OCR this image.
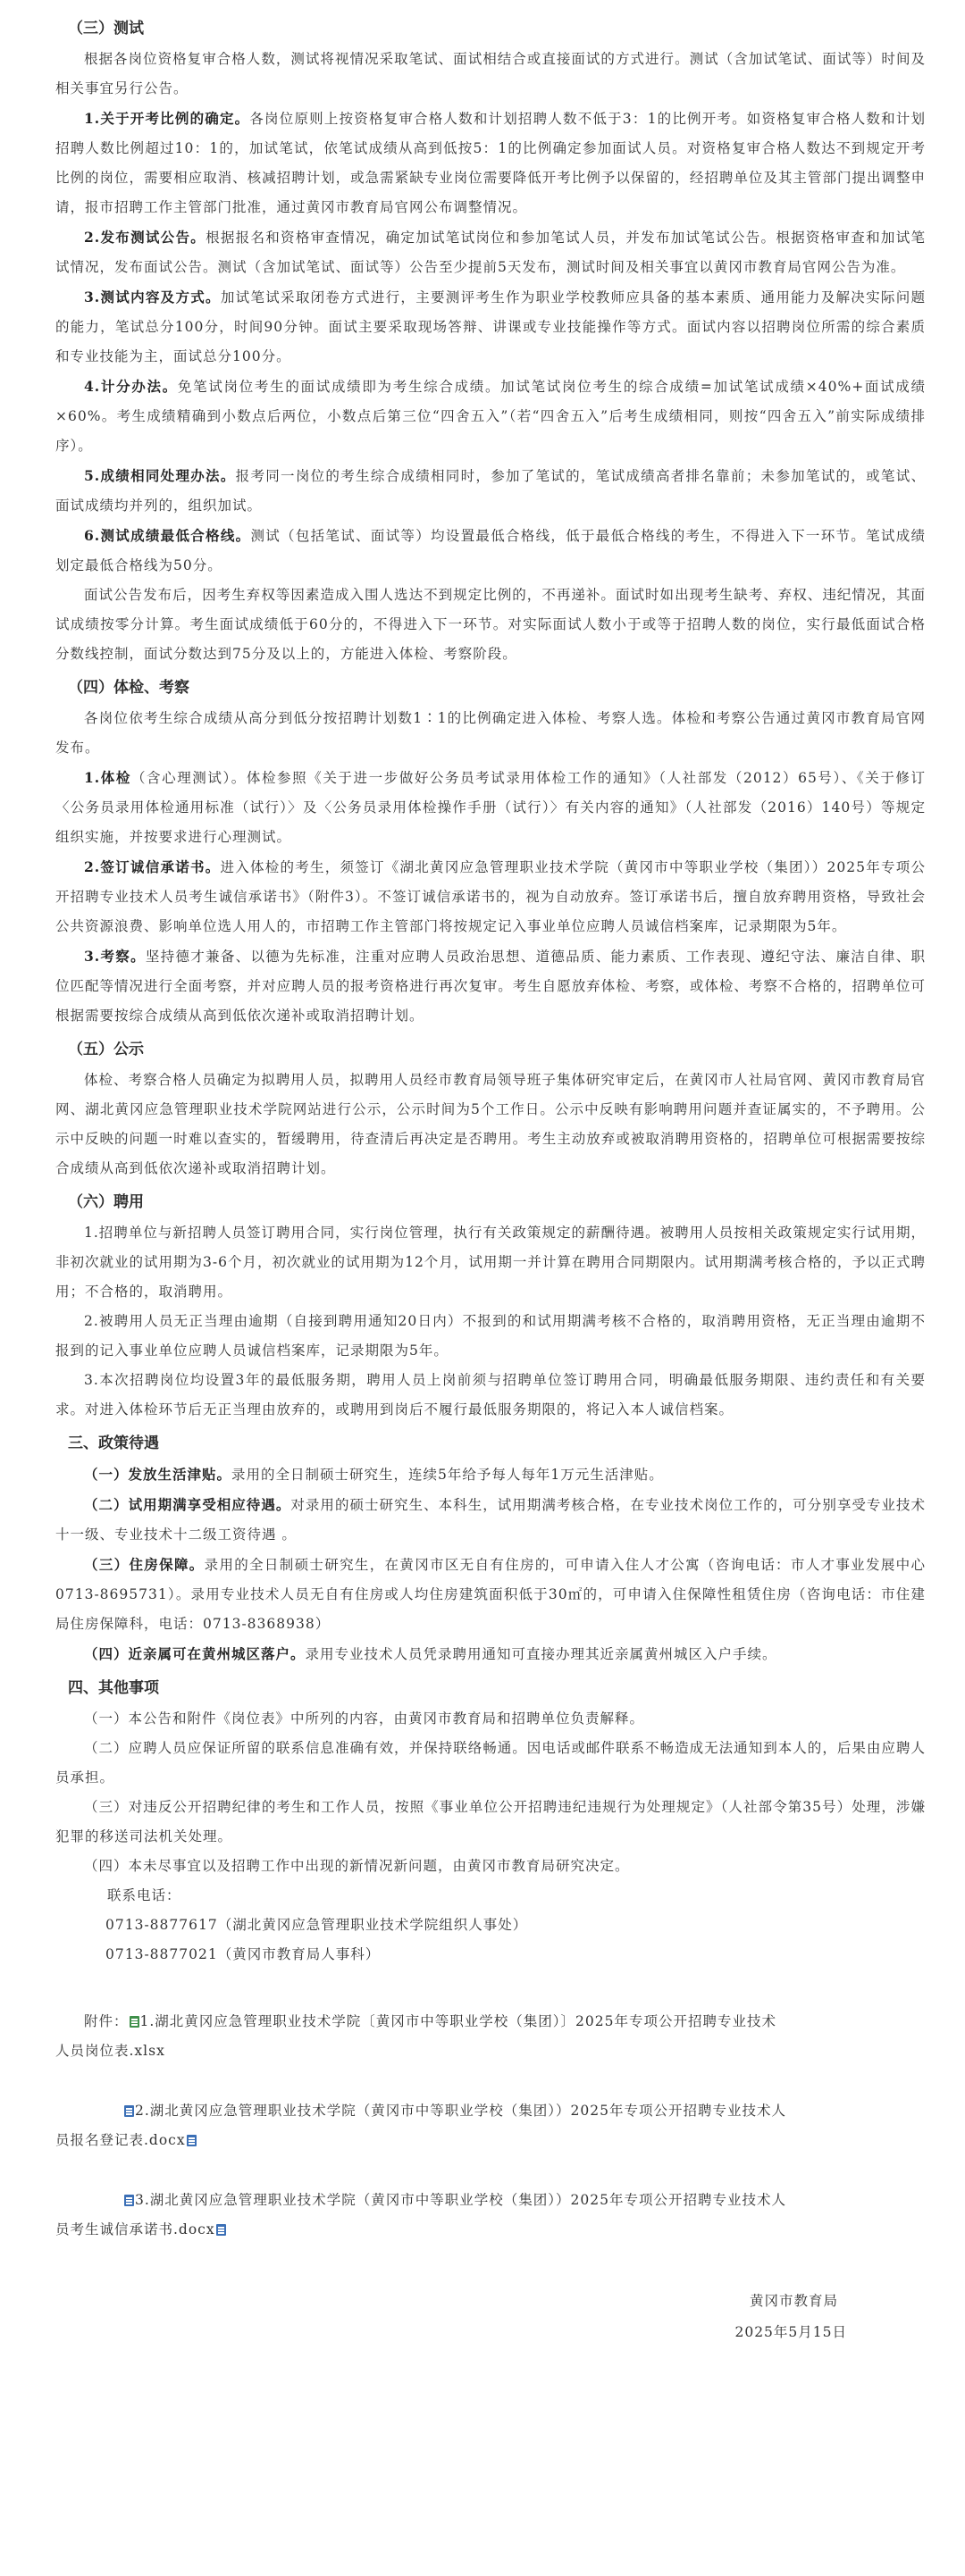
（三）测试

根据各岗位资格复审合格人数，测试将视情况采取笔试、面试相结合或直接面试的方式进行。测试（含加试笔试、面试等）时间及相关事宜另行公告。

1.关于开考比例的确定。各岗位原则上按资格复审合格人数和计划招聘人数不低于3：1的比例开考。如资格复审合格人数和计划招聘人数比例超过10：1的，加试笔试，依笔试成绩从高到低按5：1的比例确定参加面试人员。对资格复审合格人数达不到规定开考比例的岗位，需要相应取消、核减招聘计划，或急需紧缺专业岗位需要降低开考比例予以保留的，经招聘单位及其主管部门提出调整申请，报市招聘工作主管部门批准，通过黄冈市教育局官网公布调整情况。

2.发布测试公告。根据报名和资格审查情况，确定加试笔试岗位和参加笔试人员，并发布加试笔试公告。根据资格审查和加试笔试情况，发布面试公告。测试（含加试笔试、面试等）公告至少提前5天发布，测试时间及相关事宜以黄冈市教育局官网公告为准。

3.测试内容及方式。加试笔试采取闭卷方式进行，主要测评考生作为职业学校教师应具备的基本素质、通用能力及解决实际问题的能力，笔试总分100分，时间90分钟。面试主要采取现场答辩、讲课或专业技能操作等方式。面试内容以招聘岗位所需的综合素质和专业技能为主，面试总分100分。

4.计分办法。免笔试岗位考生的面试成绩即为考生综合成绩。加试笔试岗位考生的综合成绩=加试笔试成绩×40%+面试成绩×60%。考生成绩精确到小数点后两位，小数点后第三位“四舍五入”（若“四舍五入”后考生成绩相同，则按“四舍五入”前实际成绩排序）。

5.成绩相同处理办法。报考同一岗位的考生综合成绩相同时，参加了笔试的，笔试成绩高者排名靠前；未参加笔试的，或笔试、面试成绩均并列的，组织加试。

6.测试成绩最低合格线。测试（包括笔试、面试等）均设置最低合格线，低于最低合格线的考生，不得进入下一环节。笔试成绩划定最低合格线为50分。

面试公告发布后，因考生弃权等因素造成入围人选达不到规定比例的，不再递补。面试时如出现考生缺考、弃权、违纪情况，其面试成绩按零分计算。考生面试成绩低于60分的，不得进入下一环节。对实际面试人数小于或等于招聘人数的岗位，实行最低面试合格分数线控制，面试分数达到75分及以上的，方能进入体检、考察阶段。

（四）体检、考察

各岗位依考生综合成绩从高分到低分按招聘计划数1∶1的比例确定进入体检、考察人选。体检和考察公告通过黄冈市教育局官网发布。

1.体检（含心理测试）。体检参照《关于进一步做好公务员考试录用体检工作的通知》（人社部发（2012）65号）、《关于修订〈公务员录用体检通用标准（试行）〉及〈公务员录用体检操作手册（试行）〉有关内容的通知》（人社部发（2016）140号）等规定组织实施，并按要求进行心理测试。

2.签订诚信承诺书。进入体检的考生，须签订《湖北黄冈应急管理职业技术学院（黄冈市中等职业学校（集团））2025年专项公开招聘专业技术人员考生诚信承诺书》（附件3）。不签订诚信承诺书的，视为自动放弃。签订承诺书后，擅自放弃聘用资格，导致社会公共资源浪费、影响单位选人用人的，市招聘工作主管部门将按规定记入事业单位应聘人员诚信档案库，记录期限为5年。

3.考察。坚持德才兼备、以德为先标准，注重对应聘人员政治思想、道德品质、能力素质、工作表现、遵纪守法、廉洁自律、职位匹配等情况进行全面考察，并对应聘人员的报考资格进行再次复审。考生自愿放弃体检、考察，或体检、考察不合格的，招聘单位可根据需要按综合成绩从高到低依次递补或取消招聘计划。

（五）公示

体检、考察合格人员确定为拟聘用人员，拟聘用人员经市教育局领导班子集体研究审定后，在黄冈市人社局官网、黄冈市教育局官网、湖北黄冈应急管理职业技术学院网站进行公示，公示时间为5个工作日。公示中反映有影响聘用问题并查证属实的，不予聘用。公示中反映的问题一时难以查实的，暂缓聘用，待查清后再决定是否聘用。考生主动放弃或被取消聘用资格的，招聘单位可根据需要按综合成绩从高到低依次递补或取消招聘计划。

（六）聘用

1.招聘单位与新招聘人员签订聘用合同，实行岗位管理，执行有关政策规定的薪酬待遇。被聘用人员按相关政策规定实行试用期，非初次就业的试用期为3-6个月，初次就业的试用期为12个月，试用期一并计算在聘用合同期限内。试用期满考核合格的，予以正式聘用；不合格的，取消聘用。

2.被聘用人员无正当理由逾期（自接到聘用通知20日内）不报到的和试用期满考核不合格的，取消聘用资格，无正当理由逾期不报到的记入事业单位应聘人员诚信档案库，记录期限为5年。

3.本次招聘岗位均设置3年的最低服务期，聘用人员上岗前须与招聘单位签订聘用合同，明确最低服务期限、违约责任和有关要求。对进入体检环节后无正当理由放弃的，或聘用到岗后不履行最低服务期限的，将记入本人诚信档案。

三、政策待遇

（一）发放生活津贴。录用的全日制硕士研究生，连续5年给予每人每年1万元生活津贴。

（二）试用期满享受相应待遇。对录用的硕士研究生、本科生，试用期满考核合格，在专业技术岗位工作的，可分别享受专业技术十一级、专业技术十二级工资待遇 。

（三）住房保障。录用的全日制硕士研究生，在黄冈市区无自有住房的，可申请入住人才公寓（咨询电话：市人才事业发展中心0713-8695731）。录用专业技术人员无自有住房或人均住房建筑面积低于30㎡的，可申请入住保障性租赁住房（咨询电话：市住建局住房保障科，电话：0713-8368938）

（四）近亲属可在黄州城区落户。录用专业技术人员凭录聘用通知可直接办理其近亲属黄州城区入户手续。

四、其他事项

（一）本公告和附件《岗位表》中所列的内容，由黄冈市教育局和招聘单位负责解释。

（二）应聘人员应保证所留的联系信息准确有效，并保持联络畅通。因电话或邮件联系不畅造成无法通知到本人的，后果由应聘人员承担。

（三）对违反公开招聘纪律的考生和工作人员，按照《事业单位公开招聘违纪违规行为处理规定》（人社部令第35号）处理，涉嫌犯罪的移送司法机关处理。

（四）本未尽事宜以及招聘工作中出现的新情况新问题，由黄冈市教育局研究决定。

联系电话：

0713-8877617（湖北黄冈应急管理职业技术学院组织人事处）

0713-8877021（黄冈市教育局人事科）

附件： 1.湖北黄冈应急管理职业技术学院〔黄冈市中等职业学校（集团）〕2025年专项公开招聘专业技术
人员岗位表.xlsx
2.湖北黄冈应急管理职业技术学院（黄冈市中等职业学校（集团））2025年专项公开招聘专业技术人
员报名登记表.docx
3.湖北黄冈应急管理职业技术学院（黄冈市中等职业学校（集团））2025年专项公开招聘专业技术人
员考生诚信承诺书.docx
黄冈市教育局
2025年5月15日
